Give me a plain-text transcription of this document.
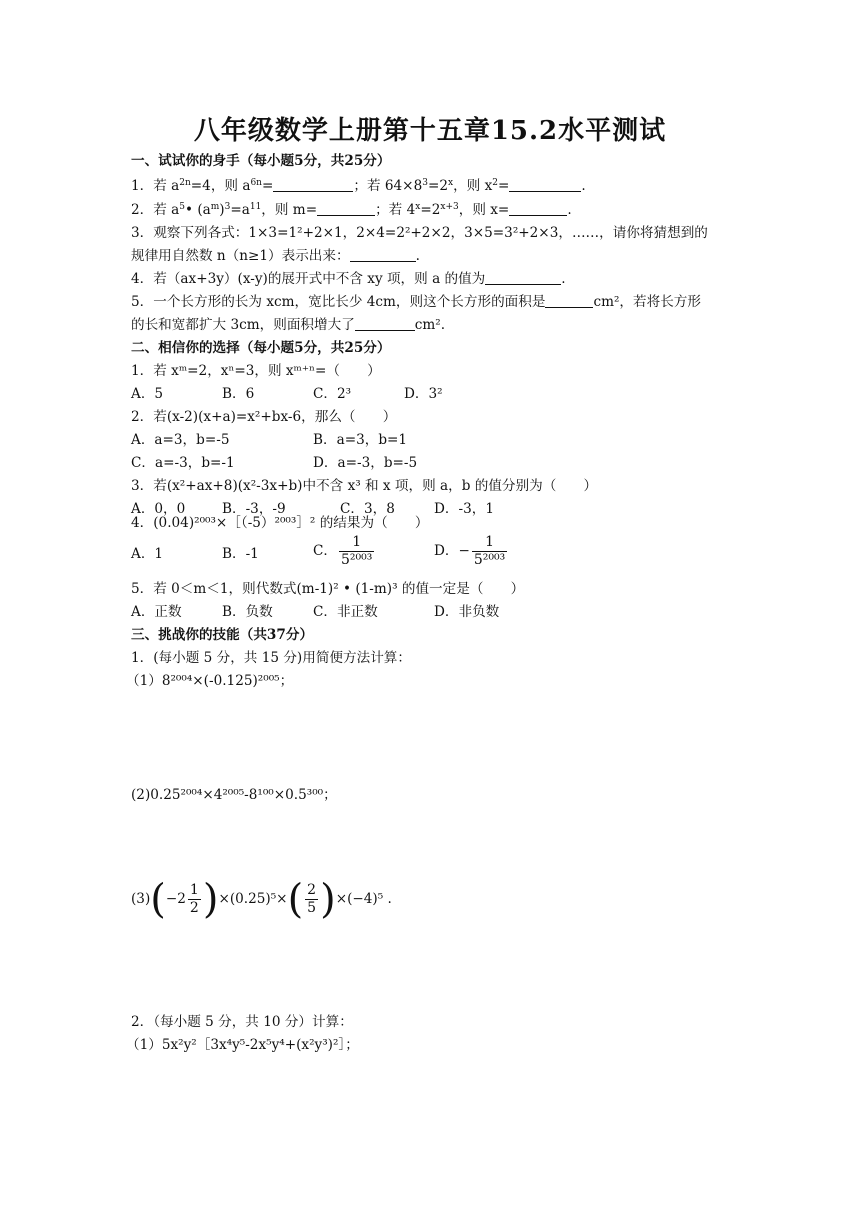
八年级数学上册第十五章15.2水平测试
一、试试你的身手（每小题5分，共25分）
1．若 $a^{2n}=4$，则 $a^{6n}=$	；若 $64\times 8^3=2^x$，则 $x^2=$	.
2．若 $a^5•$ $(a^m)^3=a^{11}$，则 m=	；若 $4^x=2^{x+3}$，则 x=	.
3．观察下列各式：1×3=1²+2×1，2×4=2²+2×2，3×5=3²+2×3，……，请你将猜想到的
规律用自然数 n（n≥1）表示出来：	.
4．若（ax+3y）(x-y)的展开式中不含 xy 项，则 a 的值为	.
5．一个长方形的长为 xcm，宽比长少 4cm，则这个长方形的面积是	cm²，若将长方形
的长和宽都扩大 3cm，则面积增大了	cm².
二、相信你的选择（每小题5分，共25分）
1．若 xᵐ=2，xⁿ=3，则 xᵐ⁺ⁿ=（　　）
A．5	B．6	C．2³	D．3²
2．若(x-2)(x+a)=x²+bx-6，那么（　　）
A．a=3，b=-5	B．a=3，b=1
C．a=-3，b=-1	D．a=-3，b=-5
3．若(x²+ax+8)(x²-3x+b)中不含 x³ 和 x 项，则 a，b 的值分别为（　　）
A．0，0	B．-3，-9	C．3，8	D．-3，1
4．(0.04)²⁰⁰³×［（-5）²⁰⁰³］² 的结果为（　　）
A．1	B．-1	C． $\frac{1}{\text{5²⁰⁰³}}$	D．− $\frac{1}{\text{5²⁰⁰³}}$
5．若 0＜m＜1，则代数式(m-1)² • (1-m)³ 的值一定是（　　）
A．正数	B．负数	C．非正数	D．非负数
三、挑战你的技能（共37分）
1．(每小题 5 分，共 15 分)用简便方法计算：
（1）8²⁰⁰⁴×(-0.125)²⁰⁰⁵；
(2)0.25²⁰⁰⁴×4²⁰⁰⁵-8¹⁰⁰×0.5³⁰⁰；
$(3)(-2 \frac{1}{2} )\times(0.25)^5\times( \frac{2}{5} )\times(-4)^5$ .
2．（每小题 5 分，共 10 分）计算：
（1）5x²y²［3x⁴y⁵-2x⁵y⁴+(x²y³)²］；
